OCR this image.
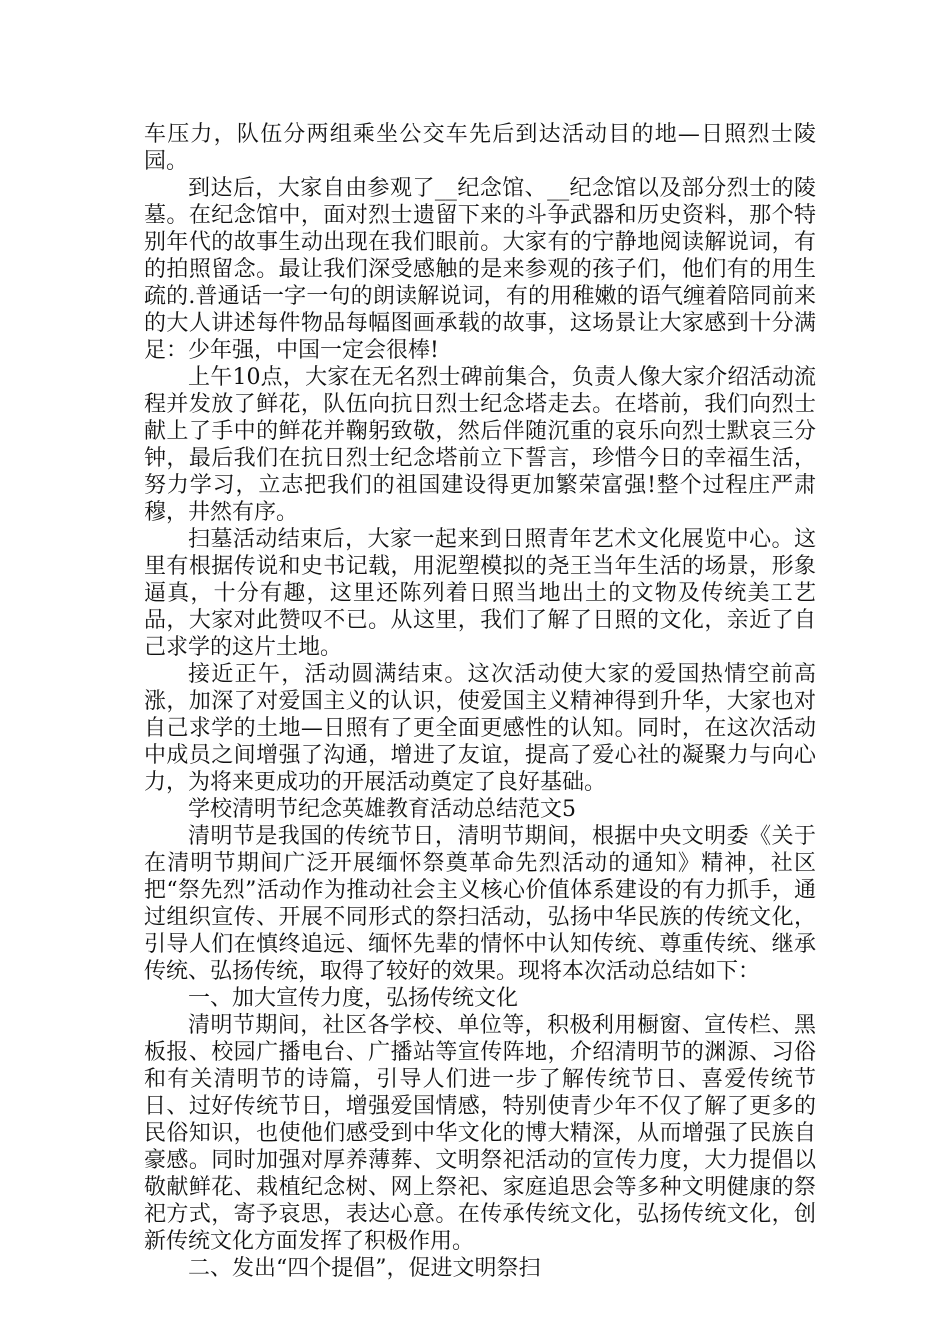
车压力，队伍分两组乘坐公交车先后到达活动目的地—日照烈士陵园。

到达后，大家自由参观了__纪念馆、__纪念馆以及部分烈士的陵墓。在纪念馆中，面对烈士遗留下来的斗争武器和历史资料，那个特别年代的故事生动出现在我们眼前。大家有的宁静地阅读解说词，有的拍照留念。最让我们深受感触的是来参观的孩子们，他们有的用生疏的.普通话一字一句的朗读解说词，有的用稚嫩的语气缠着陪同前来的大人讲述每件物品每幅图画承载的故事，这场景让大家感到十分满足：少年强，中国一定会很棒!

上午10点，大家在无名烈士碑前集合，负责人像大家介绍活动流程并发放了鲜花，队伍向抗日烈士纪念塔走去。在塔前，我们向烈士献上了手中的鲜花并鞠躬致敬，然后伴随沉重的哀乐向烈士默哀三分钟，最后我们在抗日烈士纪念塔前立下誓言，珍惜今日的幸福生活，努力学习，立志把我们的祖国建设得更加繁荣富强!整个过程庄严肃穆，井然有序。

扫墓活动结束后，大家一起来到日照青年艺术文化展览中心。这里有根据传说和史书记载，用泥塑模拟的尧王当年生活的场景，形象逼真，十分有趣，这里还陈列着日照当地出土的文物及传统美工艺品，大家对此赞叹不已。从这里，我们了解了日照的文化，亲近了自己求学的这片土地。

接近正午，活动圆满结束。这次活动使大家的爱国热情空前高涨，加深了对爱国主义的认识，使爱国主义精神得到升华，大家也对自己求学的土地—日照有了更全面更感性的认知。同时，在这次活动中成员之间增强了沟通，增进了友谊，提高了爱心社的凝聚力与向心力，为将来更成功的开展活动奠定了良好基础。

学校清明节纪念英雄教育活动总结范文5

清明节是我国的传统节日，清明节期间，根据中央文明委《关于在清明节期间广泛开展缅怀祭奠革命先烈活动的通知》精神，社区把“祭先烈”活动作为推动社会主义核心价值体系建设的有力抓手，通过组织宣传、开展不同形式的祭扫活动，弘扬中华民族的传统文化，引导人们在慎终追远、缅怀先辈的情怀中认知传统、尊重传统、继承传统、弘扬传统，取得了较好的效果。现将本次活动总结如下：

一、加大宣传力度，弘扬传统文化

清明节期间，社区各学校、单位等，积极利用橱窗、宣传栏、黑板报、校园广播电台、广播站等宣传阵地，介绍清明节的渊源、习俗和有关清明节的诗篇，引导人们进一步了解传统节日、喜爱传统节日、过好传统节日，增强爱国情感，特别使青少年不仅了解了更多的民俗知识，也使他们感受到中华文化的博大精深，从而增强了民族自豪感。同时加强对厚养薄葬、文明祭祀活动的宣传力度，大力提倡以敬献鲜花、栽植纪念树、网上祭祀、家庭追思会等多种文明健康的祭祀方式，寄予哀思，表达心意。在传承传统文化，弘扬传统文化，创新传统文化方面发挥了积极作用。

二、发出“四个提倡”，促进文明祭扫
